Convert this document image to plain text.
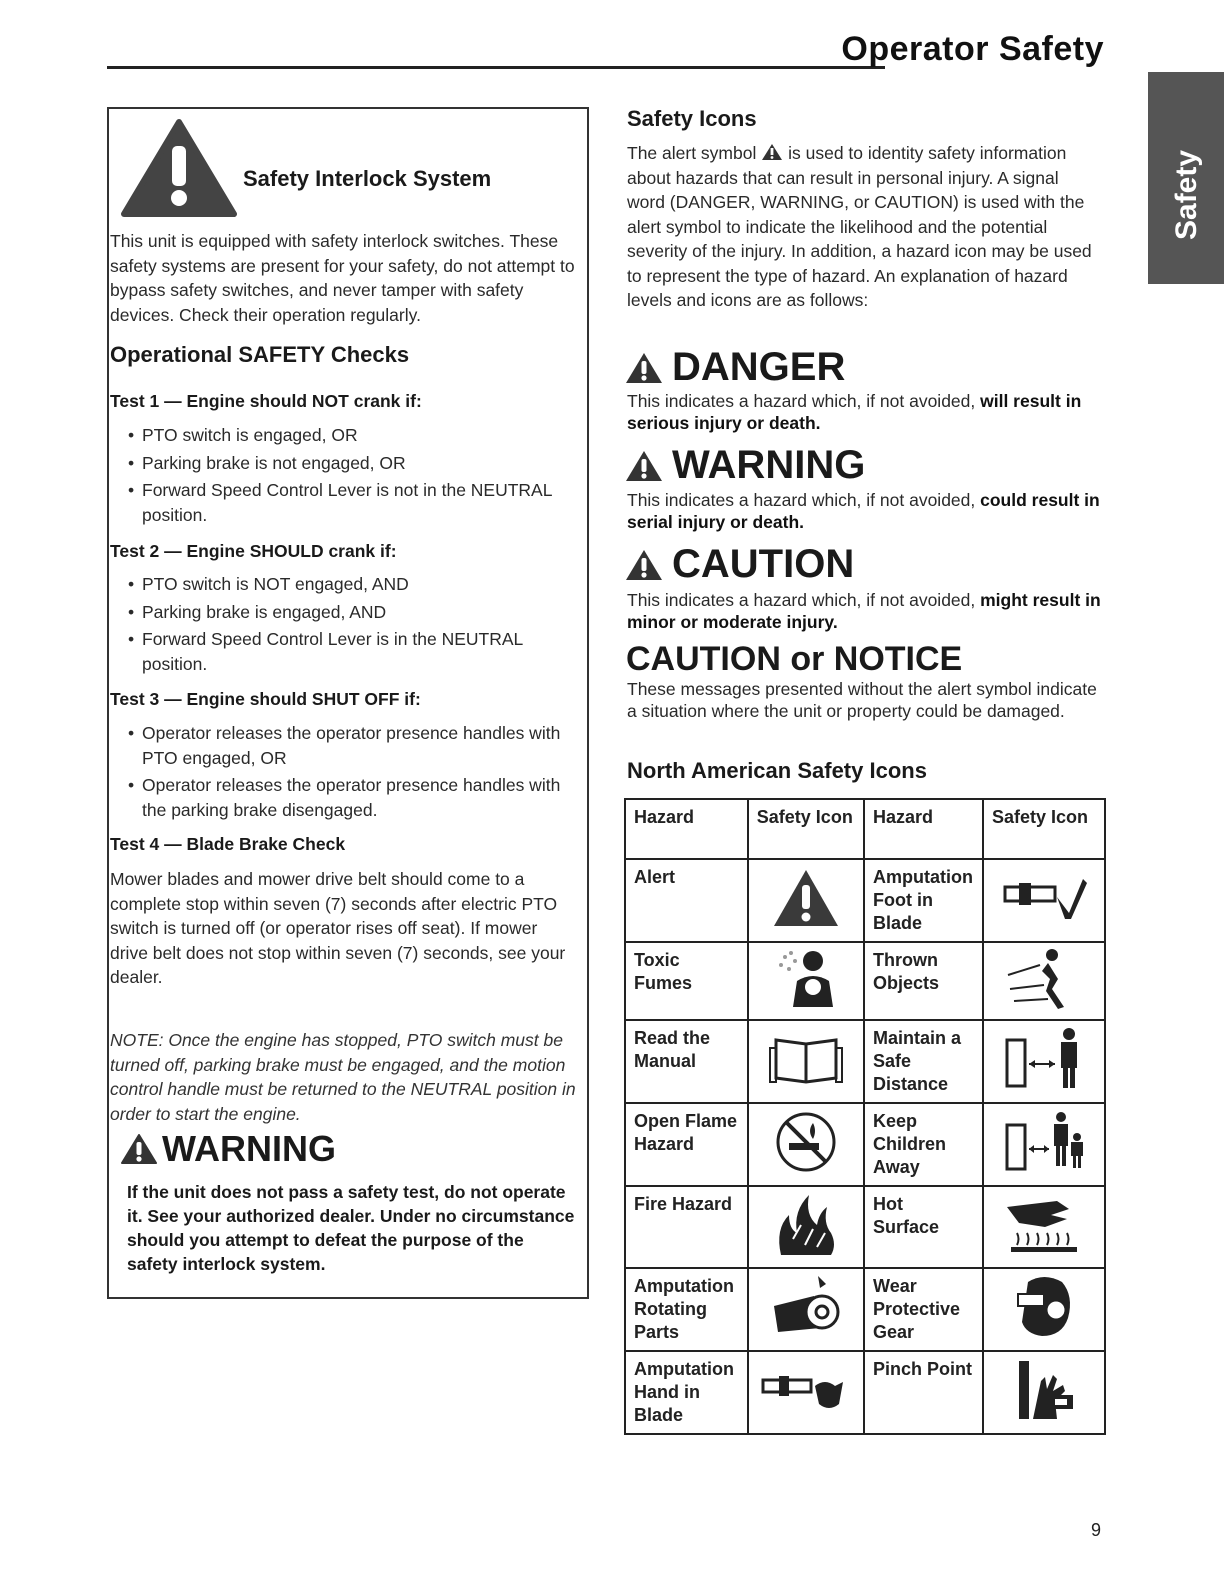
Operator Safety
Safety
Safety Interlock System
This unit is equipped with safety interlock switches. These safety systems are present for your safety, do not attempt to bypass safety switches, and never tamper with safety devices. Check their operation regularly.
Operational SAFETY Checks
Test 1 — Engine should NOT crank if:
• PTO switch is engaged, OR
• Parking brake is not engaged, OR
• Forward Speed Control Lever is not in the NEUTRAL position.
Test 2 — Engine SHOULD crank if:
• PTO switch is NOT engaged, AND
• Parking brake is engaged, AND
• Forward Speed Control Lever is in the NEUTRAL position.
Test 3 — Engine should SHUT OFF if:
• Operator releases the operator presence handles with PTO engaged, OR
• Operator releases the operator presence handles with the parking brake disengaged.
Test 4 — Blade Brake Check
Mower blades and mower drive belt should come to a complete stop within seven (7) seconds after electric PTO switch is turned off (or operator rises off seat). If mower drive belt does not stop within seven (7) seconds, see your dealer.
NOTE: Once the engine has stopped, PTO switch must be turned off, parking brake must be engaged, and the motion control handle must be returned to the NEUTRAL position in order to start the engine.
WARNING
If the unit does not pass a safety test, do not operate it. See your authorized dealer. Under no circumstance should you attempt to defeat the purpose of the safety interlock system.
Safety Icons
The alert symbol is used to identity safety information about hazards that can result in personal injury. A signal word (DANGER, WARNING, or CAUTION) is used with the alert symbol to indicate the likelihood and the potential severity of the injury. In addition, a hazard icon may be used to represent the type of hazard. An explanation of hazard levels and icons are as follows:
DANGER
This indicates a hazard which, if not avoided, will result in serious injury or death.
WARNING
This indicates a hazard which, if not avoided, could result in serial injury or death.
CAUTION
This indicates a hazard which, if not avoided, might result in minor or moderate injury.
CAUTION or NOTICE
These messages presented without the alert symbol indicate a situation where the unit or property could be damaged.
North American Safety Icons
Hazard	Safety Icon	Hazard	Safety Icon
Alert		Amputation Foot in Blade	
Toxic Fumes		Thrown Objects	
Read the Manual		Maintain a Safe Distance	
Open Flame Hazard		Keep Children Away	
Fire Hazard		Hot Surface	
Amputation Rotating Parts		Wear Protective Gear	
Amputation Hand in Blade		Pinch Point	
9
